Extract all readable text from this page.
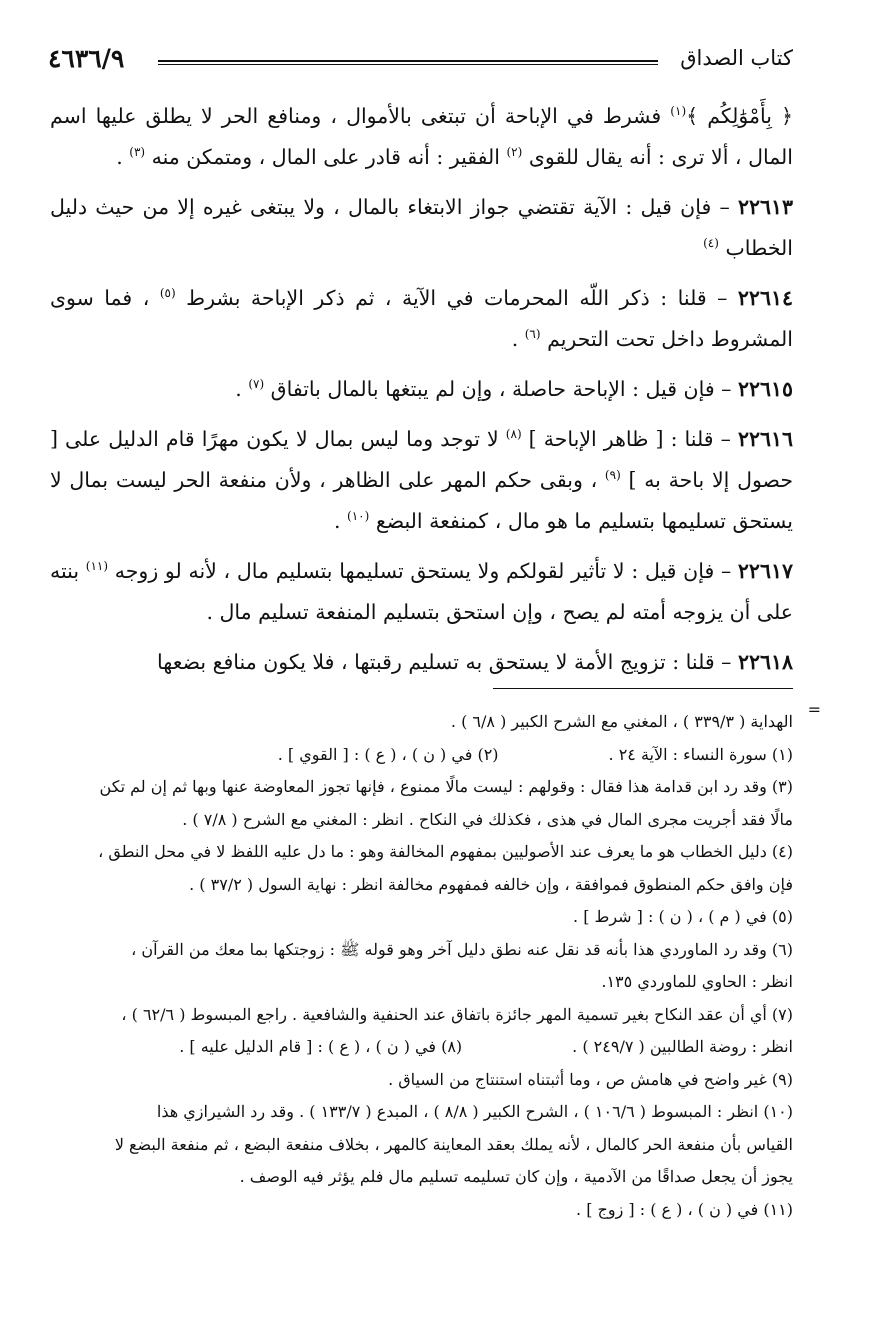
٤٦٣٦/٩	كتاب الصداق

﴿ بِأَمْوَٰلِكُم ﴾$^{(١)}$ فشرط في الإباحة أن تبتغى بالأموال ، ومنافع الحر لا يطلق عليها اسم المال ، ألا ترى : أنه يقال للقوى $^{(٢)}$ الفقير : أنه قادر على المال ، ومتمكن منه $^{(٣)}$ .

٢٢٦١٣ – فإن قيل : الآية تقتضي جواز الابتغاء بالمال ، ولا يبتغى غيره إلا من حيث دليل الخطاب $^{(٤)}$

٢٢٦١٤ – قلنا : ذكر اللّه المحرمات في الآية ، ثم ذكر الإباحة بشرط $^{(٥)}$ ، فما سوى المشروط داخل تحت التحريم $^{(٦)}$ .

٢٢٦١٥ – فإن قيل : الإباحة حاصلة ، وإن لم يبتغها بالمال باتفاق $^{(٧)}$ .

٢٢٦١٦ – قلنا : [ ظاهر الإباحة ] $^{(٨)}$ لا توجد وما ليس بمال لا يكون مهرًا قام الدليل على [ حصول إلا باحة به ] $^{(٩)}$ ، وبقى حكم المهر على الظاهر ، ولأن منفعة الحر ليست بمال لا يستحق تسليمها بتسليم ما هو مال ، كمنفعة البضع $^{(١٠)}$ .

٢٢٦١٧ – فإن قيل : لا تأثير لقولكم ولا يستحق تسليمها بتسليم مال ، لأنه لو زوجه $^{(١١)}$ بنته على أن يزوجه أمته لم يصح ، وإن استحق بتسليم المنفعة تسليم مال .

٢٢٦١٨ – قلنا : تزويج الأمة لا يستحق به تسليم رقبتها ، فلا يكون منافع بضعها

=

الهداية ( ٣٣٩/٣ ) ، المغني مع الشرح الكبير ( ٦/٨ ) .

(١) سورة النساء : الآية ٢٤ .(٢) في ( ن ) ، ( ع ) : [ القوي ] .

(٣) وقد رد ابن قدامة هذا فقال : وقولهم : ليست مالًا ممنوع ، فإنها تجوز المعاوضة عنها وبها ثم إن لم تكن

مالًا فقد أجريت مجرى المال في هذى ، فكذلك في النكاح . انظر : المغني مع الشرح ( ٧/٨ ) .

(٤) دليل الخطاب هو ما يعرف عند الأصوليين بمفهوم المخالفة وهو : ما دل عليه اللفظ لا في محل النطق ،

فإن وافق حكم المنطوق فموافقة ، وإن خالفه فمفهوم مخالفة انظر : نهاية السول ( ٣٧/٢ ) .

(٥) في ( م ) ، ( ن ) : [ شرط ] .

(٦) وقد رد الماوردي هذا بأنه قد نقل عنه نطق دليل آخر وهو قوله ﷺ : زوجتكها بما معك من القرآن ،

انظر : الحاوي للماوردي ١٣٥.

(٧) أي أن عقد النكاح بغير تسمية المهر جائزة باتفاق عند الحنفية والشافعية . راجع المبسوط ( ٦٢/٦ ) ،

انظر : روضة الطالبين ( ٢٤٩/٧ ) .(٨) في ( ن ) ، ( ع ) : [ قام الدليل عليه ] .

(٩) غير واضح في هامش ص ، وما أثبتناه استنتاج من السياق .

(١٠) انظر : المبسوط ( ١٠٦/٦ ) ، الشرح الكبير ( ٨/٨ ) ، المبدع ( ١٣٣/٧ ) . وقد رد الشيرازي هذا

القياس بأن منفعة الحر كالمال ، لأنه يملك بعقد المعاينة كالمهر ، بخلاف منفعة البضع ، ثم منفعة البضع لا

يجوز أن يجعل صداقًا من الآدمية ، وإن كان تسليمه تسليم مال فلم يؤثر فيه الوصف .

(١١) في ( ن ) ، ( ع ) : [ زوج ] .
